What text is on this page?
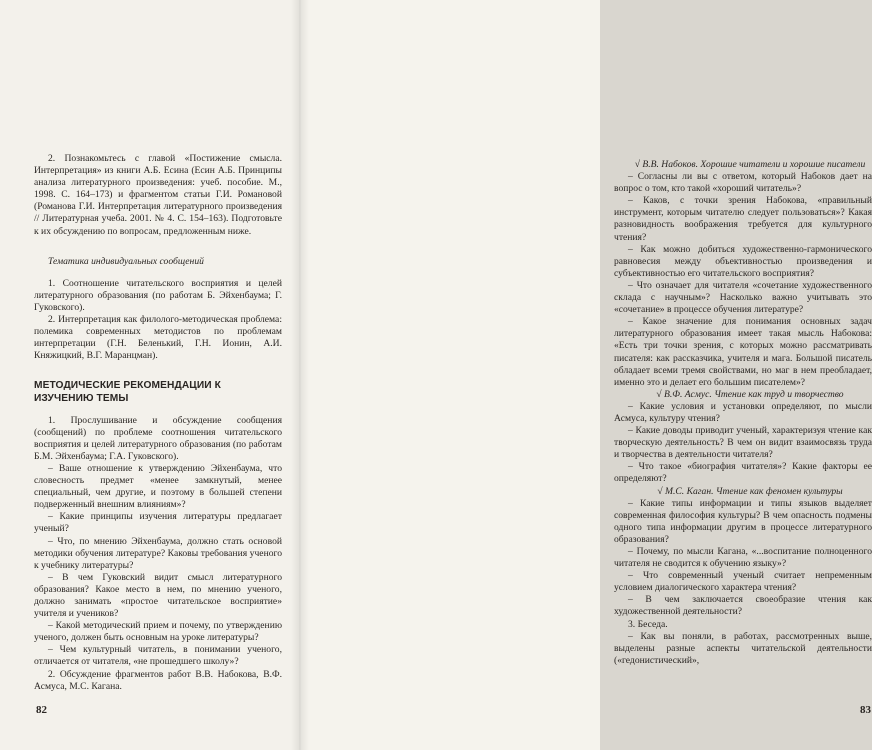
2. Познакомьтесь с главой «Постижение смысла. Интерпретация» из книги А.Б. Есина (Есин А.Б. Принципы анализа литературного произведения: учеб. пособие. М., 1998. С. 164–173) и фрагментом статьи Г.И. Романовой (Романова Г.И. Интерпретация литературного произведения // Литературная учеба. 2001. № 4. С. 154–163). Подготовьте к их обсуждению по вопросам, предложенным ниже.

Тематика индивидуальных сообщений

1. Соотношение читательского восприятия и целей литературного образования (по работам Б. Эйхенбаума; Г. Гуковского).

2. Интерпретация как филолого-методическая проблема: полемика современных методистов по проблемам интерпретации (Г.Н. Беленький, Г.Н. Ионин, А.И. Княжицкий, В.Г. Маранцман).

МЕТОДИЧЕСКИЕ РЕКОМЕНДАЦИИ К ИЗУЧЕНИЮ ТЕМЫ

1. Прослушивание и обсуждение сообщения (сообщений) по проблеме соотношения читательского восприятия и целей литературного образования (по работам Б.М. Эйхенбаума; Г.А. Гуковского).

– Ваше отношение к утверждению Эйхенбаума, что словесность предмет «менее замкнутый, менее специальный, чем другие, и поэтому в большей степени подверженный внешним влияниям»?

– Какие принципы изучения литературы предлагает ученый?

– Что, по мнению Эйхенбаума, должно стать основой методики обучения литературе? Каковы требования ученого к учебнику литературы?

– В чем Гуковский видит смысл литературного образования? Какое место в нем, по мнению ученого, должно занимать «простое читательское восприятие» учителя и учеников?

– Какой методический прием и почему, по утверждению ученого, должен быть основным на уроке литературы?

– Чем культурный читатель, в понимании ученого, отличается от читателя, «не прошедшего школу»?

2. Обсуждение фрагментов работ В.В. Набокова, В.Ф. Асмуса, М.С. Кагана.

82

√ В.В. Набоков. Хорошие читатели и хорошие писатели

– Согласны ли вы с ответом, который Набоков дает на вопрос о том, кто такой «хороший читатель»?

– Каков, с точки зрения Набокова, «правильный инструмент, которым читателю следует пользоваться»? Какая разновидность воображения требуется для культурного чтения?

– Как можно добиться художественно-гармонического равновесия между объективностью произведения и субъективностью его читательского восприятия?

– Что означает для читателя «сочетание художественного склада с научным»? Насколько важно учитывать это «сочетание» в процессе обучения литературе?

– Какое значение для понимания основных задач литературного образования имеет такая мысль Набокова: «Есть три точки зрения, с которых можно рассматривать писателя: как рассказчика, учителя и мага. Большой писатель обладает всеми тремя свойствами, но маг в нем преобладает, именно это и делает его большим писателем»?

√ В.Ф. Асмус. Чтение как труд и творчество

– Какие условия и установки определяют, по мысли Асмуса, культуру чтения?

– Какие доводы приводит ученый, характеризуя чтение как творческую деятельность? В чем он видит взаимосвязь труда и творчества в деятельности читателя?

– Что такое «биография читателя»? Какие факторы ее определяют?

√ М.С. Каган. Чтение как феномен культуры

– Какие типы информации и типы языков выделяет современная философия культуры? В чем опасность подмены одного типа информации другим в процессе литературного образования?

– Почему, по мысли Кагана, «...воспитание полноценного читателя не сводится к обучению языку»?

– Что современный ученый считает непременным условием диалогического характера чтения?

– В чем заключается своеобразие чтения как художественной деятельности?

3. Беседа.

– Как вы поняли, в работах, рассмотренных выше, выделены разные аспекты читательской деятельности («гедонистический»,

83
